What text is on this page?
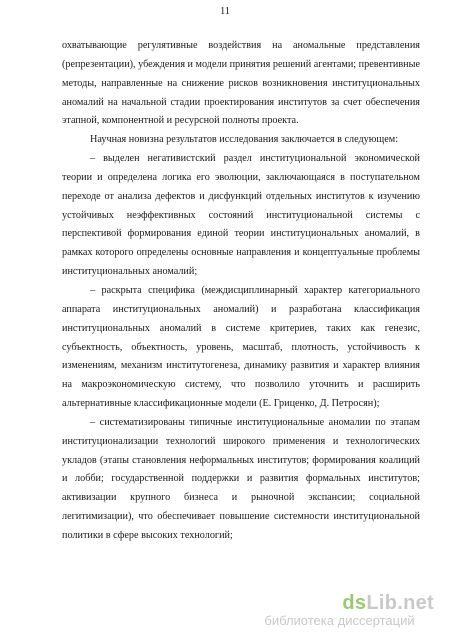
11

охватывающие регулятивные воздействия на аномальные представления (репрезентации), убеждения и модели принятия решений агентами; превентивные методы, направленные на снижение рисков возникновения институциональных аномалий на начальной стадии проектирования институтов за счет обеспечения этапной, компонентной и ресурсной полноты проекта.

Научная новизна результатов исследования заключается в следующем:

– выделен негативистский раздел институциональной экономической теории и определена логика его эволюции, заключающаяся в поступательном переходе от анализа дефектов и дисфункций отдельных институтов к изучению устойчивых неэффективных состояний институциональной системы с перспективой формирования единой теории институциональных аномалий, в рамках которого определены основные направления и концептуальные проблемы институциональных аномалий;

– раскрыта специфика (междисциплинарный характер категориального аппарата институциональных аномалий) и разработана классификация институциональных аномалий в системе критериев, таких как генезис, субъектность, объектность, уровень, масштаб, плотность, устойчивость к изменениям, механизм институтогенеза, динамику развития и характер влияния на макроэкономическую систему, что позволило уточнить и расширить альтернативные классификационные модели (Е. Гриценко, Д. Петросян);

– систематизированы типичные институциональные аномалии по этапам институционализации технологий широкого применения и технологических укладов (этапы становления неформальных институтов; формирования коалиций и лобби; государственной поддержки и развития формальных институтов; активизации крупного бизнеса и рыночной экспансии; социальной легитимизации), что обеспечивает повышение системности институциональной политики в сфере высоких технологий;

dsLib.net
библиотека диссертаций
